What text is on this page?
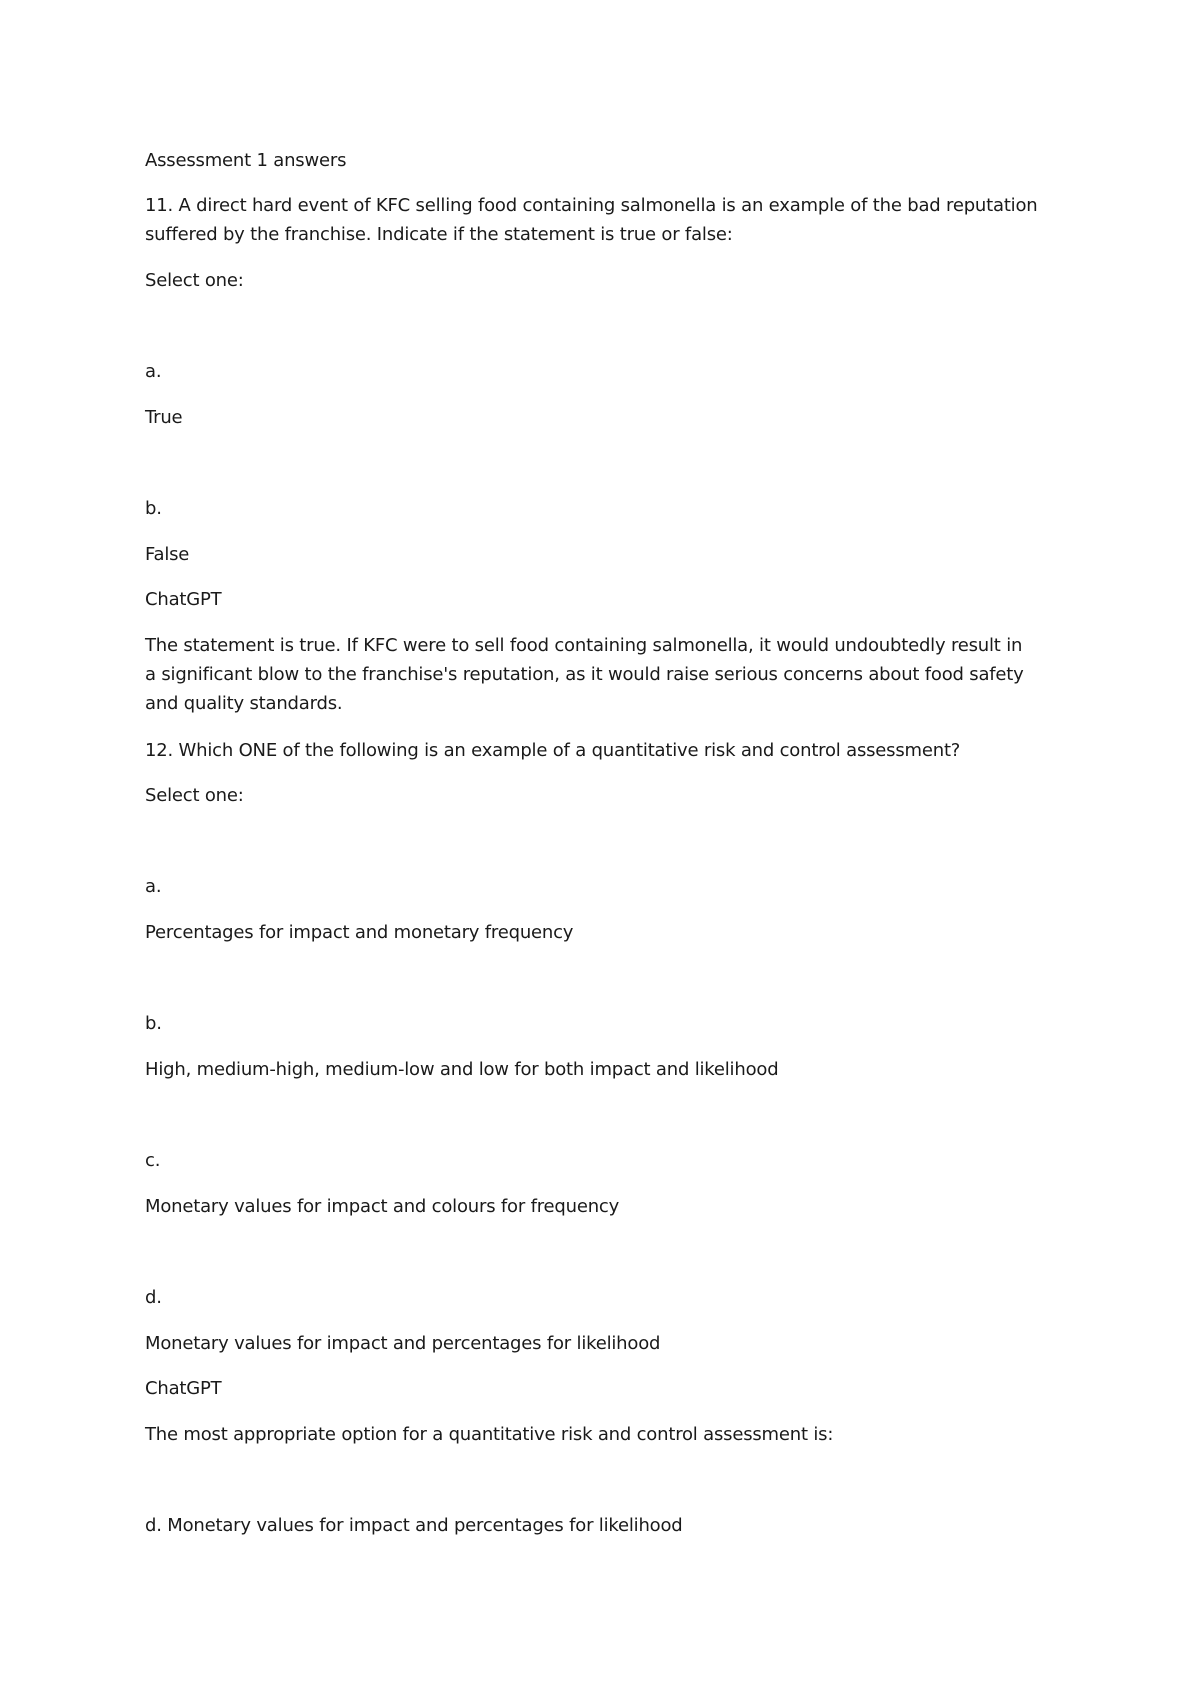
Assessment 1 answers

11. A direct hard event of KFC selling food containing salmonella is an example of the bad reputation

suffered by the franchise. Indicate if the statement is true or false:

Select one:

a.

True

b.

False

ChatGPT

The statement is true. If KFC were to sell food containing salmonella, it would undoubtedly result in

a significant blow to the franchise's reputation, as it would raise serious concerns about food safety

and quality standards.

12. Which ONE of the following is an example of a quantitative risk and control assessment?

Select one:

a.

Percentages for impact and monetary frequency

b.

High, medium-high, medium-low and low for both impact and likelihood

c.

Monetary values for impact and colours for frequency

d.

Monetary values for impact and percentages for likelihood

ChatGPT

The most appropriate option for a quantitative risk and control assessment is:

d. Monetary values for impact and percentages for likelihood
